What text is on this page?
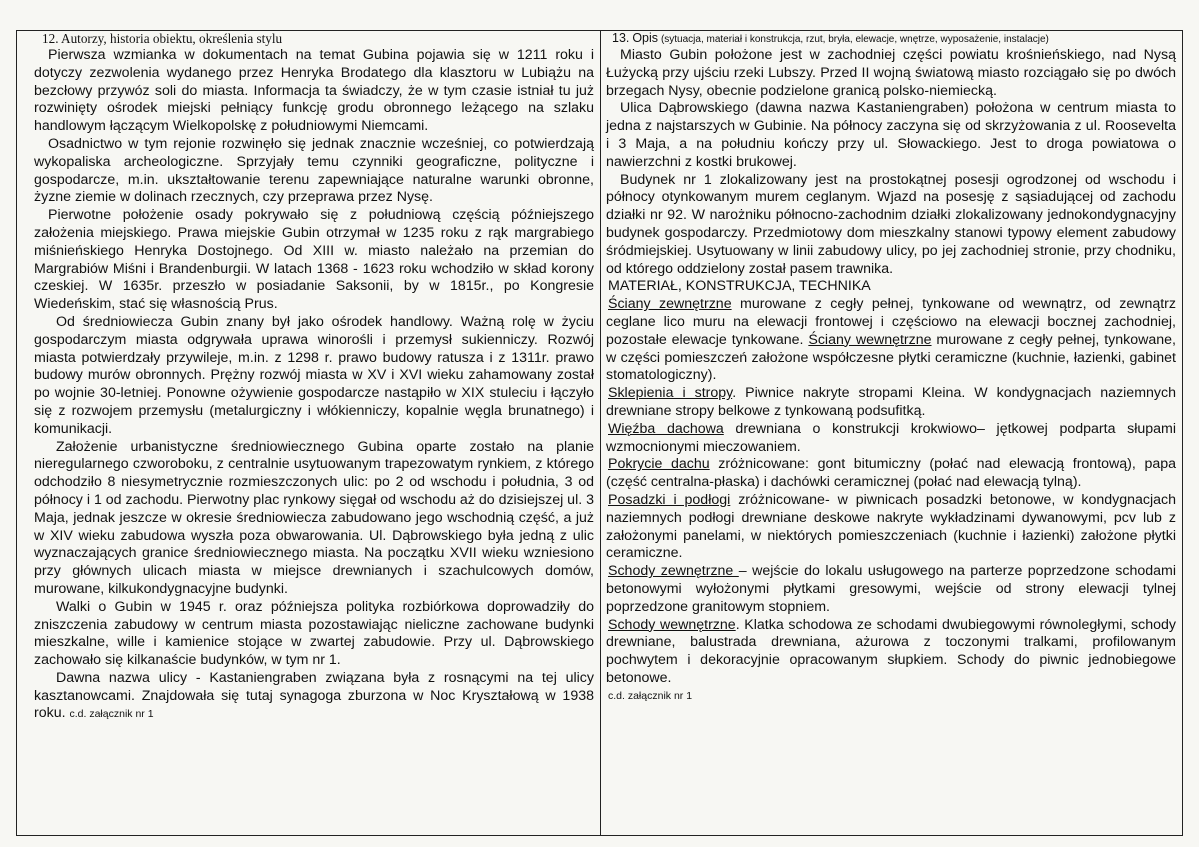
12. Autorzy, historia obiektu, określenia stylu

Pierwsza wzmianka w dokumentach na temat Gubina pojawia się w 1211 roku i dotyczy zezwolenia wydanego przez Henryka Brodatego dla klasztoru w Lubiążu na bezcłowy przywóz soli do miasta. Informacja ta świadczy, że w tym czasie istniał tu już rozwinięty ośrodek miejski pełniący funkcję grodu obronnego leżącego na szlaku handlowym łączącym Wielkopolskę z południowymi Niemcami.

Osadnictwo w tym rejonie rozwinęło się jednak znacznie wcześniej, co potwierdzają wykopaliska archeologiczne. Sprzyjały temu czynniki geograficzne, polityczne i gospodarcze, m.in. ukształtowanie terenu zapewniające naturalne warunki obronne, żyzne ziemie w dolinach rzecznych, czy przeprawa przez Nysę.

Pierwotne położenie osady pokrywało się z południową częścią późniejszego założenia miejskiego. Prawa miejskie Gubin otrzymał w 1235 roku z rąk margrabiego miśnieńskiego Henryka Dostojnego. Od XIII w. miasto należało na przemian do Margrabiów Miśni i Brandenburgii. W latach 1368 - 1623 roku wchodziło w skład korony czeskiej. W 1635r. przeszło w posiadanie Saksonii, by w 1815r., po Kongresie Wiedeńskim, stać się własnością Prus.

Od średniowiecza Gubin znany był jako ośrodek handlowy. Ważną rolę w życiu gospodarczym miasta odgrywała uprawa winorośli i przemysł sukienniczy. Rozwój miasta potwierdzały przywileje, m.in. z 1298 r. prawo budowy ratusza i z 1311r. prawo budowy murów obronnych. Prężny rozwój miasta w XV i XVI wieku zahamowany został po wojnie 30-letniej. Ponowne ożywienie gospodarcze nastąpiło w XIX stuleciu i łączyło się z rozwojem przemysłu (metalurgiczny i włókienniczy, kopalnie węgla brunatnego) i komunikacji.

Założenie urbanistyczne średniowiecznego Gubina oparte zostało na planie nieregularnego czworoboku, z centralnie usytuowanym trapezowatym rynkiem, z którego odchodziło 8 niesymetrycznie rozmieszczonych ulic: po 2 od wschodu i południa, 3 od północy i 1 od zachodu. Pierwotny plac rynkowy sięgał od wschodu aż do dzisiejszej ul. 3 Maja, jednak jeszcze w okresie średniowiecza zabudowano jego wschodnią część, a już w XIV wieku zabudowa wyszła poza obwarowania. Ul. Dąbrowskiego była jedną z ulic wyznaczających granice średniowiecznego miasta. Na początku XVII wieku wzniesiono przy głównych ulicach miasta w miejsce drewnianych i szachulcowych domów, murowane, kilkukondygnacyjne budynki.

Walki o Gubin w 1945 r. oraz późniejsza polityka rozbiórkowa doprowadziły do zniszczenia zabudowy w centrum miasta pozostawiając nieliczne zachowane budynki mieszkalne, wille i kamienice stojące w zwartej zabudowie. Przy ul. Dąbrowskiego zachowało się kilkanaście budynków, w tym nr 1.

Dawna nazwa ulicy - Kastaniengraben związana była z rosnącymi na tej ulicy kasztanowcami. Znajdowała się tutaj synagoga zburzona w Noc Kryształową w 1938 roku. c.d. załącznik nr 1

13. Opis (sytuacja, materiał i konstrukcja, rzut, bryła, elewacje, wnętrze, wyposażenie, instalacje)

Miasto Gubin położone jest w zachodniej części powiatu krośnieńskiego, nad Nysą Łużycką przy ujściu rzeki Lubszy. Przed II wojną światową miasto rozciągało się po dwóch brzegach Nysy, obecnie podzielone granicą polsko-niemiecką.

Ulica Dąbrowskiego (dawna nazwa Kastaniengraben) położona w centrum miasta to jedna z najstarszych w Gubinie. Na północy zaczyna się od skrzyżowania z ul. Roosevelta i 3 Maja, a na południu kończy przy ul. Słowackiego. Jest to droga powiatowa o nawierzchni z kostki brukowej.

Budynek nr 1 zlokalizowany jest na prostokątnej posesji ogrodzonej od wschodu i północy otynkowanym murem ceglanym. Wjazd na posesję z sąsiadującej od zachodu działki nr 92. W narożniku północno-zachodnim działki zlokalizowany jednokondygnacyjny budynek gospodarczy. Przedmiotowy dom mieszkalny stanowi typowy element zabudowy śródmiejskiej. Usytuowany w linii zabudowy ulicy, po jej zachodniej stronie, przy chodniku, od którego oddzielony został pasem trawnika.

MATERIAŁ, KONSTRUKCJA, TECHNIKA

Ściany zewnętrzne murowane z cegły pełnej, tynkowane od wewnątrz, od zewnątrz ceglane lico muru na elewacji frontowej i częściowo na elewacji bocznej zachodniej, pozostałe elewacje tynkowane. Ściany wewnętrzne murowane z cegły pełnej, tynkowane, w części pomieszczeń założone współczesne płytki ceramiczne (kuchnie, łazienki, gabinet stomatologiczny).

Sklepienia i stropy. Piwnice nakryte stropami Kleina. W kondygnacjach naziemnych drewniane stropy belkowe z tynkowaną podsufitką.

Więźba dachowa drewniana o konstrukcji krokwiowo– jętkowej podparta słupami wzmocnionymi mieczowaniem.

Pokrycie dachu zróżnicowane: gont bitumiczny (połać nad elewacją frontową), papa (część centralna-płaska) i dachówki ceramicznej (połać nad elewacją tylną).

Posadzki i podłogi zróżnicowane- w piwnicach posadzki betonowe, w kondygnacjach naziemnych podłogi drewniane deskowe nakryte wykładzinami dywanowymi, pcv lub z założonymi panelami, w niektórych pomieszczeniach (kuchnie i łazienki) założone płytki ceramiczne.

Schody zewnętrzne – wejście do lokalu usługowego na parterze poprzedzone schodami betonowymi wyłożonymi płytkami gresowymi, wejście od strony elewacji tylnej poprzedzone granitowym stopniem.

Schody wewnętrzne. Klatka schodowa ze schodami dwubiegowymi równoległymi, schody drewniane, balustrada drewniana, ażurowa z toczonymi tralkami, profilowanym pochwytem i dekoracyjnie opracowanym słupkiem. Schody do piwnic jednobiegowe betonowe.

c.d. załącznik nr 1
